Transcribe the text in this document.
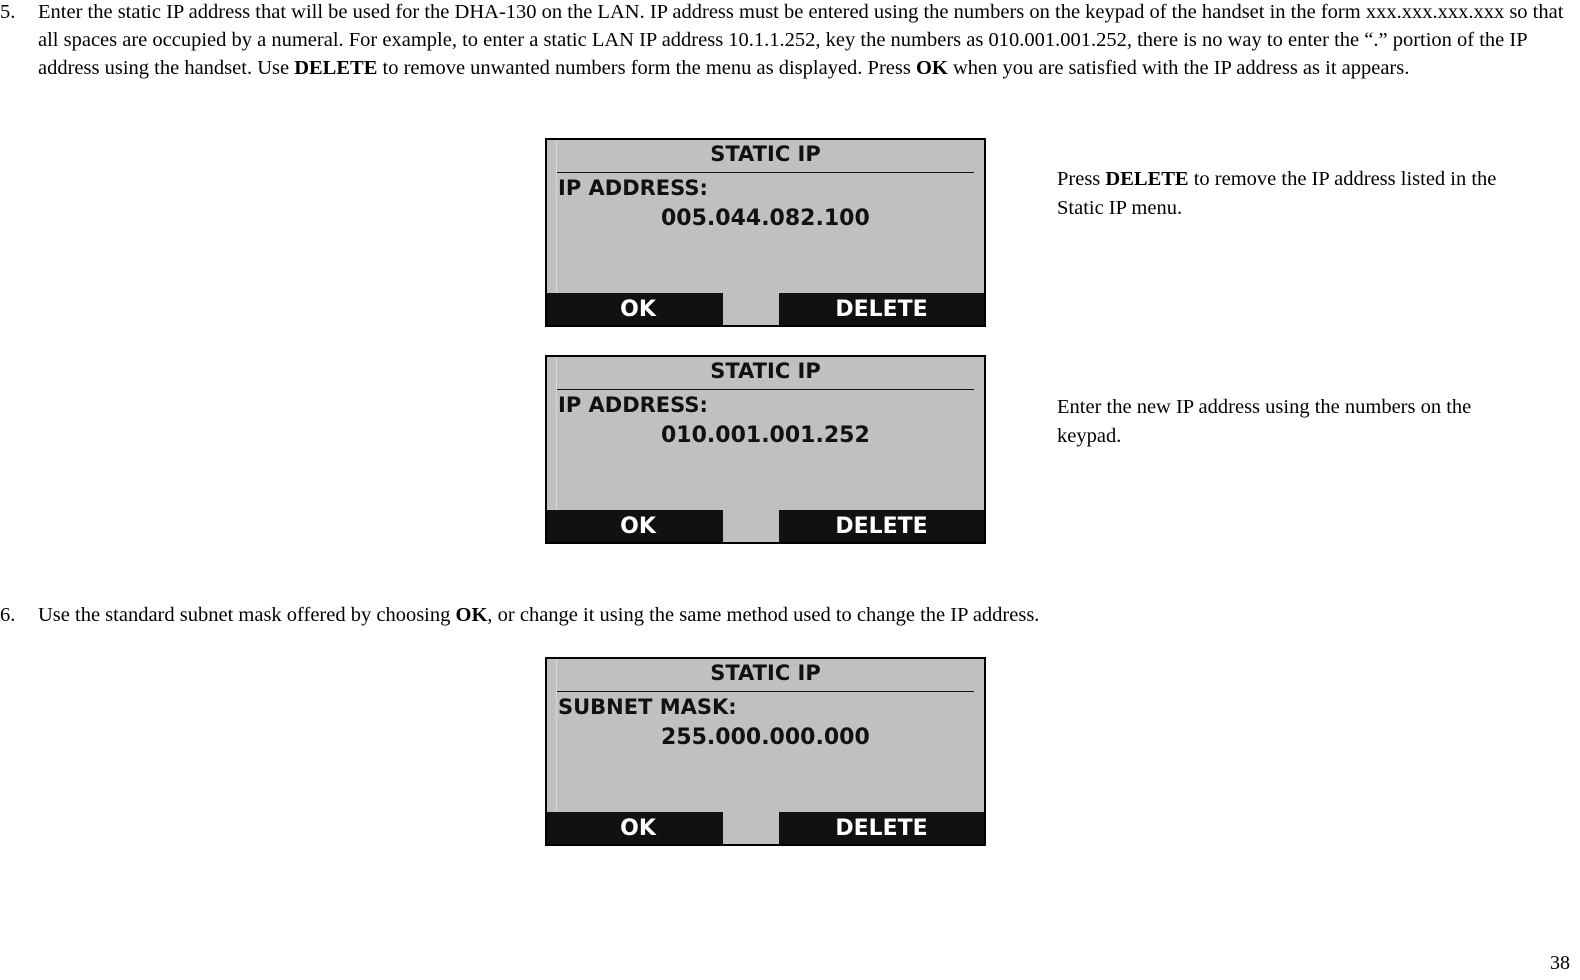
5.	Enter the static IP address that will be used for the DHA-130 on the LAN. IP address must be entered using the numbers on the keypad of the handset in the form xxx.xxx.xxx.xxx so that all spaces are occupied by a numeral. For example, to enter a static LAN IP address 10.1.1.252, key the numbers as 010.001.001.252, there is no way to enter the “.” portion of the IP address using the handset. Use DELETE to remove unwanted numbers form the menu as displayed. Press OK when you are satisfied with the IP address as it appears.
STATIC IP
IP ADDRESS:
005.044.082.100
OK	DELETE
Press DELETE to remove the IP address listed in the Static IP menu.
STATIC IP
IP ADDRESS:
010.001.001.252
OK	DELETE
Enter the new IP address using the numbers on the keypad.
6.	Use the standard subnet mask offered by choosing OK, or change it using the same method used to change the IP address.
STATIC IP
SUBNET MASK:
255.000.000.000
OK	DELETE
38
